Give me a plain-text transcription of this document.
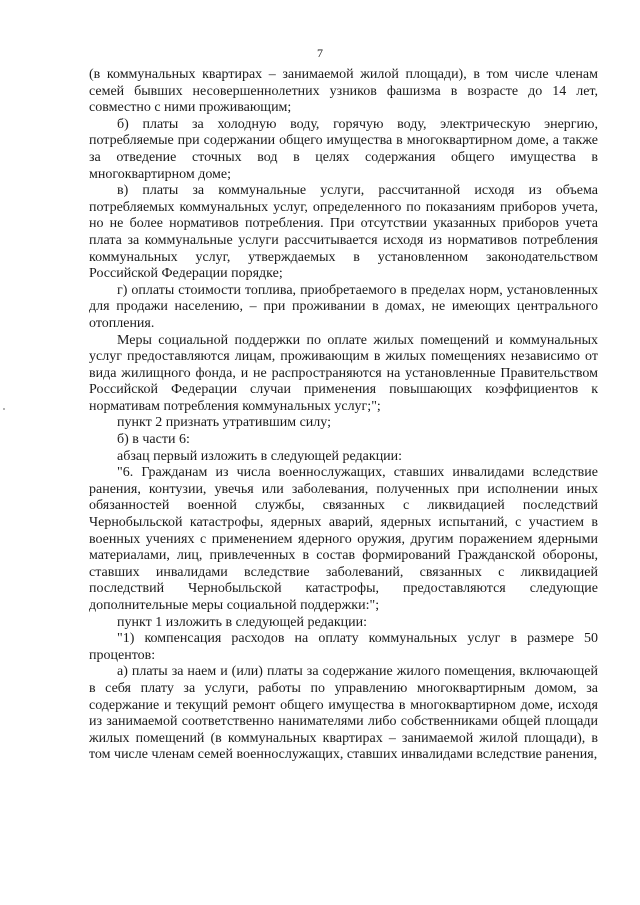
7

(в коммунальных квартирах – занимаемой жилой площади), в том числе членам семей бывших несовершеннолетних узников фашизма в возрасте до 14 лет, совместно с ними проживающим;

б) платы за холодную воду, горячую воду, электрическую энергию, потребляемые при содержании общего имущества в многоквартирном доме, а также за отведение сточных вод в целях содержания общего имущества в многоквартирном доме;

в) платы за коммунальные услуги, рассчитанной исходя из объема потребляемых коммунальных услуг, определенного по показаниям приборов учета, но не более нормативов потребления. При отсутствии указанных приборов учета плата за коммунальные услуги рассчитывается исходя из нормативов потребления коммунальных услуг, утверждаемых в установленном законодательством Российской Федерации порядке;

г) оплаты стоимости топлива, приобретаемого в пределах норм, установленных для продажи населению, – при проживании в домах, не имеющих центрального отопления.

Меры социальной поддержки по оплате жилых помещений и коммунальных услуг предоставляются лицам, проживающим в жилых помещениях независимо от вида жилищного фонда, и не распространяются на установленные Правительством Российской Федерации случаи применения повышающих коэффициентов к нормативам потребления коммунальных услуг;";

пункт 2 признать утратившим силу;

б) в части 6:

абзац первый изложить в следующей редакции:

"6. Гражданам из числа военнослужащих, ставших инвалидами вследствие ранения, контузии, увечья или заболевания, полученных при исполнении иных обязанностей военной службы, связанных с ликвидацией последствий Чернобыльской катастрофы, ядерных аварий, ядерных испытаний, с участием в военных учениях с применением ядерного оружия, другим поражением ядерными материалами, лиц, привлеченных в состав формирований Гражданской обороны, ставших инвалидами вследствие заболеваний, связанных с ликвидацией последствий Чернобыльской катастрофы, предоставляются следующие дополнительные меры социальной поддержки:";

пункт 1 изложить в следующей редакции:

"1) компенсация расходов на оплату коммунальных услуг в размере 50 процентов:

а) платы за наем и (или) платы за содержание жилого помещения, включающей в себя плату за услуги, работы по управлению многоквартирным домом, за содержание и текущий ремонт общего имущества в многоквартирном доме, исходя из занимаемой соответственно нанимателями либо собственниками общей площади жилых помещений (в коммунальных квартирах – занимаемой жилой площади), в том числе членам семей военнослужащих, ставших инвалидами вследствие ранения,
